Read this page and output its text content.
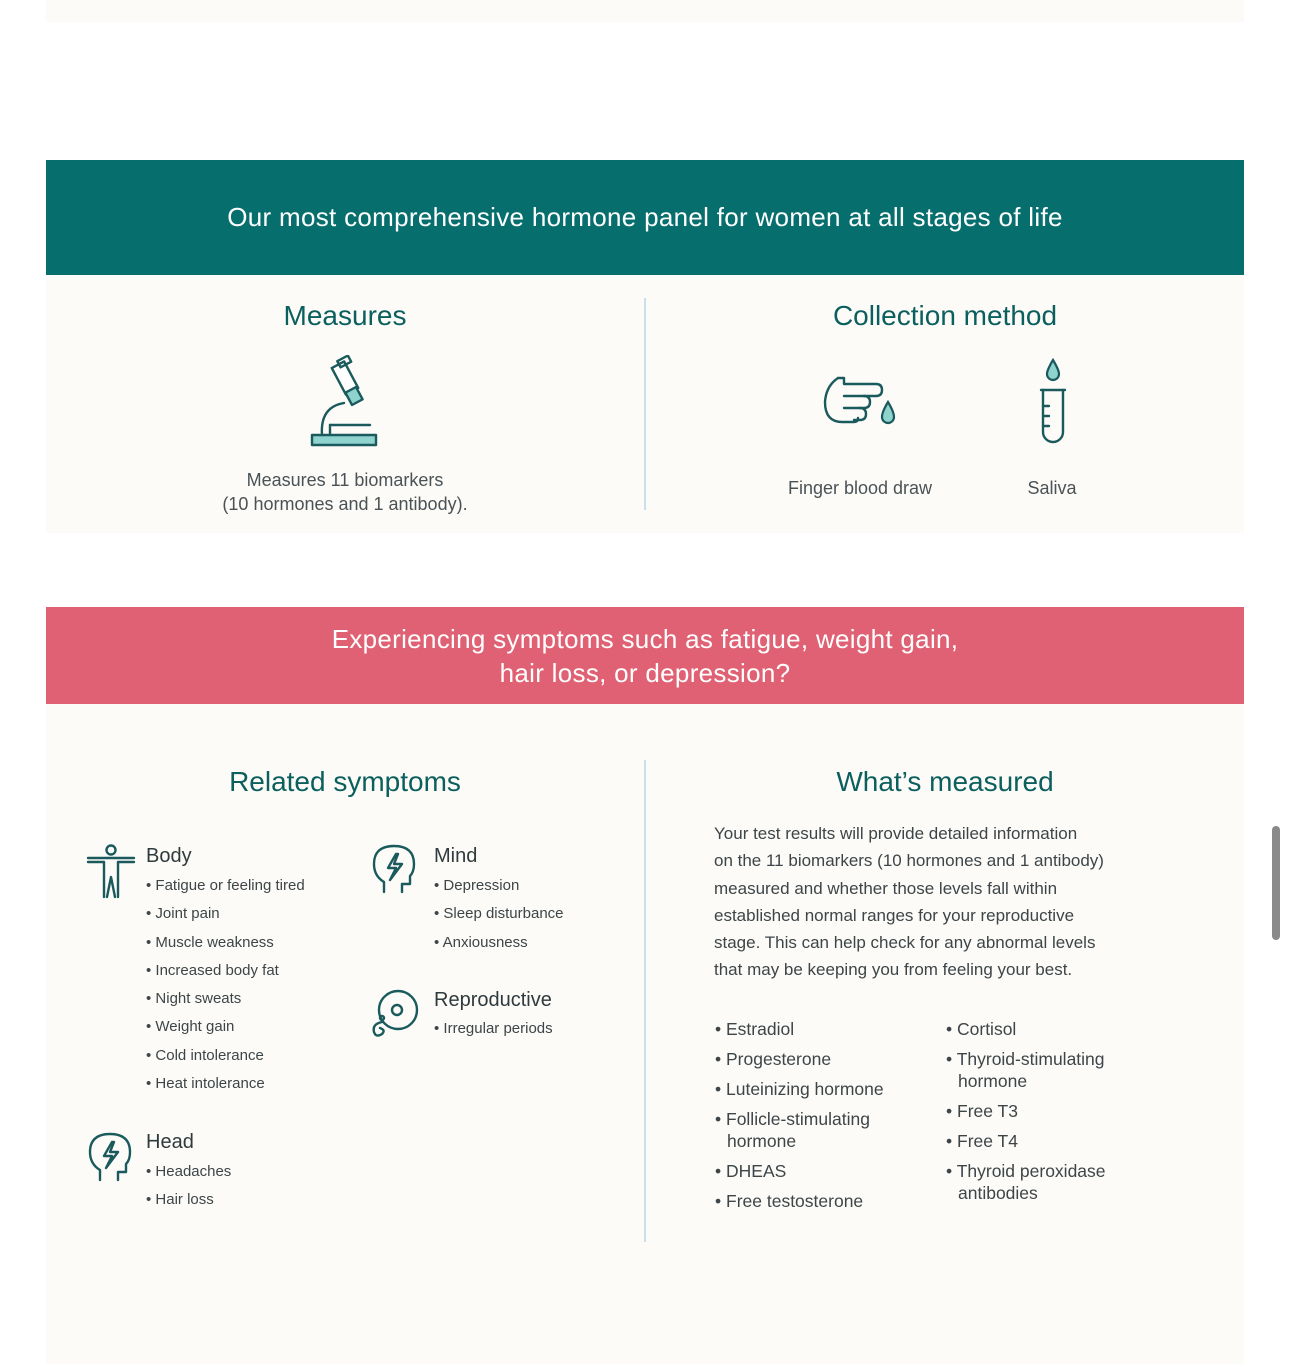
Our most comprehensive hormone panel for women at all stages of life
Measures
Measures 11 biomarkers
(10 hormones and 1 antibody).
Collection method
Finger blood draw	Saliva
Experiencing symptoms such as fatigue, weight gain,
hair loss, or depression?
Related symptoms
Body
• Fatigue or feeling tired
• Joint pain
• Muscle weakness
• Increased body fat
• Night sweats
• Weight gain
• Cold intolerance
• Heat intolerance
Mind
• Depression
• Sleep disturbance
• Anxiousness
Reproductive
• Irregular periods
Head
• Headaches
• Hair loss
What’s measured
Your test results will provide detailed information
on the 11 biomarkers (10 hormones and 1 antibody)
measured and whether those levels fall within
established normal ranges for your reproductive
stage. This can help check for any abnormal levels
that may be keeping you from feeling your best.
• Estradiol
• Progesterone
• Luteinizing hormone
• Follicle-stimulating hormone
• DHEAS
• Free testosterone
• Cortisol
• Thyroid-stimulating hormone
• Free T3
• Free T4
• Thyroid peroxidase antibodies
